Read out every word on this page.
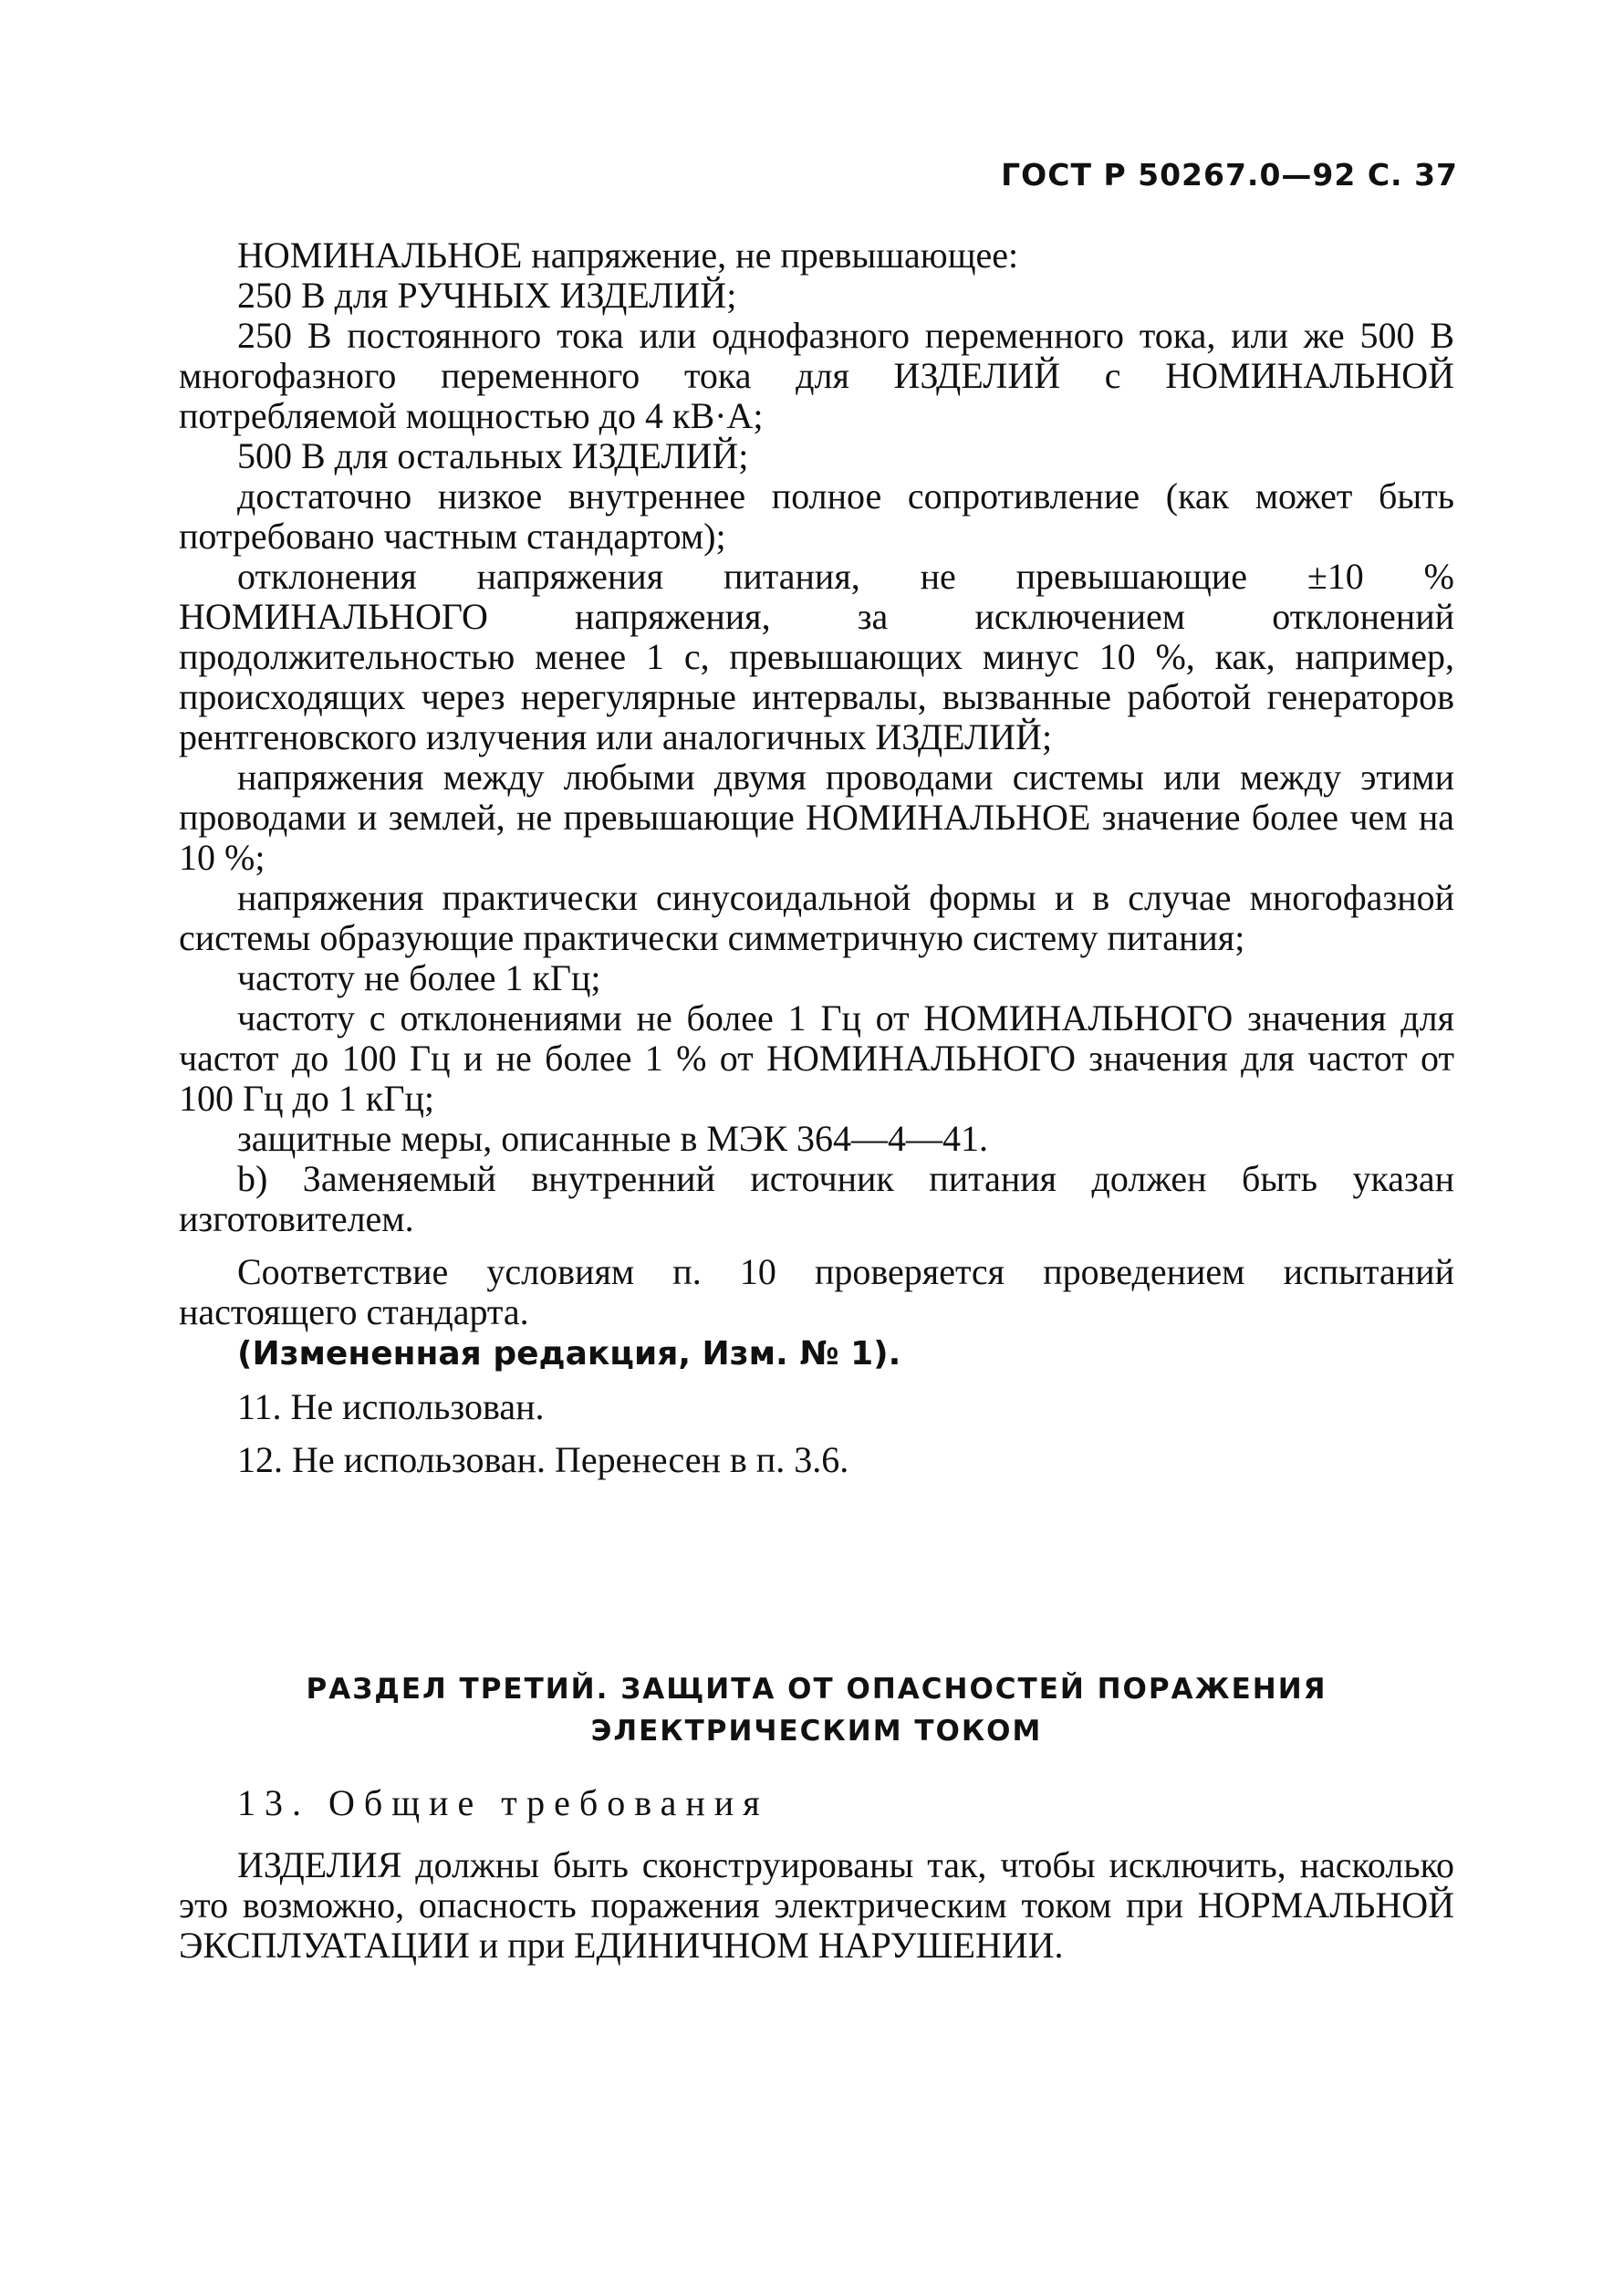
ГОСТ Р 50267.0—92 С. 37

НОМИНАЛЬНОЕ напряжение, не превышающее:

250 В для РУЧНЫХ ИЗДЕЛИЙ;

250 В постоянного тока или однофазного переменного тока, или же 500 В многофазного переменного тока для ИЗДЕЛИЙ с НОМИНАЛЬНОЙ потребляемой мощностью до 4 кВ·А;

500 В для остальных ИЗДЕЛИЙ;

достаточно низкое внутреннее полное сопротивление (как может быть потребовано частным стандартом);

отклонения напряжения питания, не превышающие ±10 % НОМИНАЛЬНОГО напряжения, за исключением отклонений продолжительностью менее 1 с, превышающих минус 10 %, как, например, происходящих через нерегулярные интервалы, вызванные работой генераторов рентгеновского излучения или аналогичных ИЗДЕЛИЙ;

напряжения между любыми двумя проводами системы или между этими проводами и землей, не превышающие НОМИНАЛЬНОЕ значение более чем на 10 %;

напряжения практически синусоидальной формы и в случае многофазной системы образующие практически симметричную систему питания;

частоту не более 1 кГц;

частоту с отклонениями не более 1 Гц от НОМИНАЛЬНОГО значения для частот до 100 Гц и не более 1 % от НОМИНАЛЬНОГО значения для частот от 100 Гц до 1 кГц;

защитные меры, описанные в МЭК 364—4—41.

b) Заменяемый внутренний источник питания должен быть указан изготовителем.

Соответствие условиям п. 10 проверяется проведением испытаний настоящего стандарта.

(Измененная редакция, Изм. № 1).

11. Не использован.

12. Не использован. Перенесен в п. 3.6.

РАЗДЕЛ ТРЕТИЙ. ЗАЩИТА ОТ ОПАСНОСТЕЙ ПОРАЖЕНИЯ
ЭЛЕКТРИЧЕСКИМ ТОКОМ
13. Общие требования

ИЗДЕЛИЯ должны быть сконструированы так, чтобы исключить, насколько это возможно, опасность поражения электрическим током при НОРМАЛЬНОЙ ЭКСПЛУАТАЦИИ и при ЕДИНИЧНОМ НАРУШЕНИИ.
